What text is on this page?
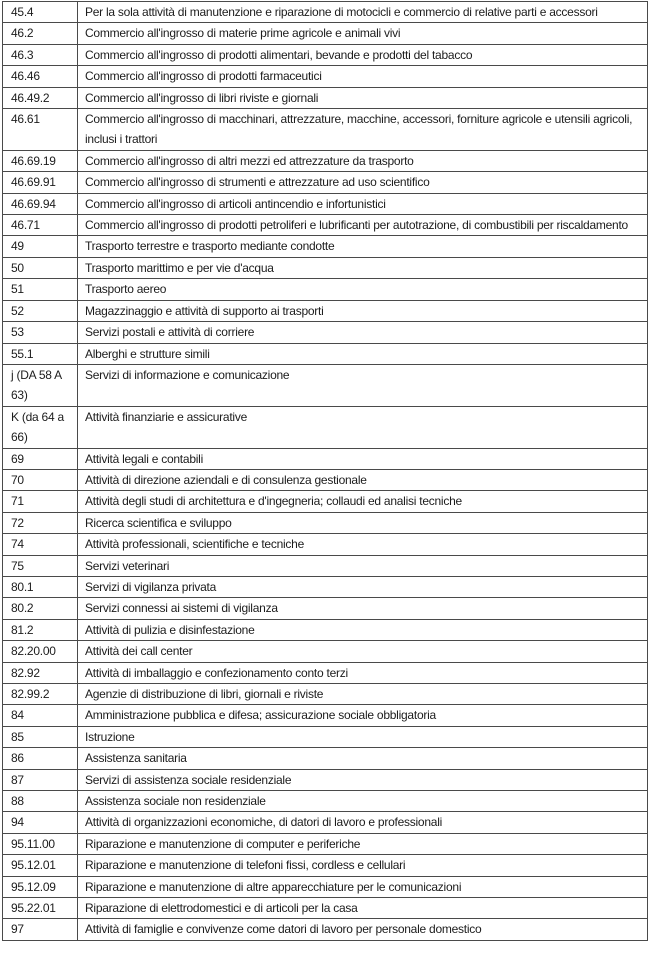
45.4	Per la sola attività di manutenzione e riparazione di motocicli e commercio di relative parti e accessori
46.2	Commercio all'ingrosso di materie prime agricole e animali vivi
46.3	Commercio all'ingrosso di prodotti alimentari, bevande e prodotti del tabacco
46.46	Commercio all'ingrosso di prodotti farmaceutici
46.49.2	Commercio all'ingrosso di libri riviste e giornali
46.61	Commercio all'ingrosso di macchinari, attrezzature, macchine, accessori, forniture agricole e utensili agricoli, inclusi i trattori
46.69.19	Commercio all'ingrosso di altri mezzi ed attrezzature da trasporto
46.69.91	Commercio all'ingrosso di strumenti e attrezzature ad uso scientifico
46.69.94	Commercio all'ingrosso di articoli antincendio e infortunistici
46.71	Commercio all'ingrosso di prodotti petroliferi e lubrificanti per autotrazione, di combustibili per riscaldamento
49	Trasporto terrestre e trasporto mediante condotte
50	Trasporto marittimo e per vie d'acqua
51	Trasporto aereo
52	Magazzinaggio e attività di supporto ai trasporti
53	Servizi postali e attività di corriere
55.1	Alberghi e strutture simili
j (DA 58 A 63)	Servizi di informazione e comunicazione
K (da 64 a 66)	Attività finanziarie e assicurative
69	Attività legali e contabili
70	Attività di direzione aziendali e di consulenza gestionale
71	Attività degli studi di architettura e d'ingegneria; collaudi ed analisi tecniche
72	Ricerca scientifica e sviluppo
74	Attività professionali, scientifiche e tecniche
75	Servizi veterinari
80.1	Servizi di vigilanza privata
80.2	Servizi connessi ai sistemi di vigilanza
81.2	Attività di pulizia e disinfestazione
82.20.00	Attività dei call center
82.92	Attività di imballaggio e confezionamento conto terzi
82.99.2	Agenzie di distribuzione di libri, giornali e riviste
84	Amministrazione pubblica e difesa; assicurazione sociale obbligatoria
85	Istruzione
86	Assistenza sanitaria
87	Servizi di assistenza sociale residenziale
88	Assistenza sociale non residenziale
94	Attività di organizzazioni economiche, di datori di lavoro e professionali
95.11.00	Riparazione e manutenzione di computer e periferiche
95.12.01	Riparazione e manutenzione di telefoni fissi, cordless e cellulari
95.12.09	Riparazione e manutenzione di altre apparecchiature per le comunicazioni
95.22.01	Riparazione di elettrodomestici e di articoli per la casa
97	Attività di famiglie e convivenze come datori di lavoro per personale domestico
